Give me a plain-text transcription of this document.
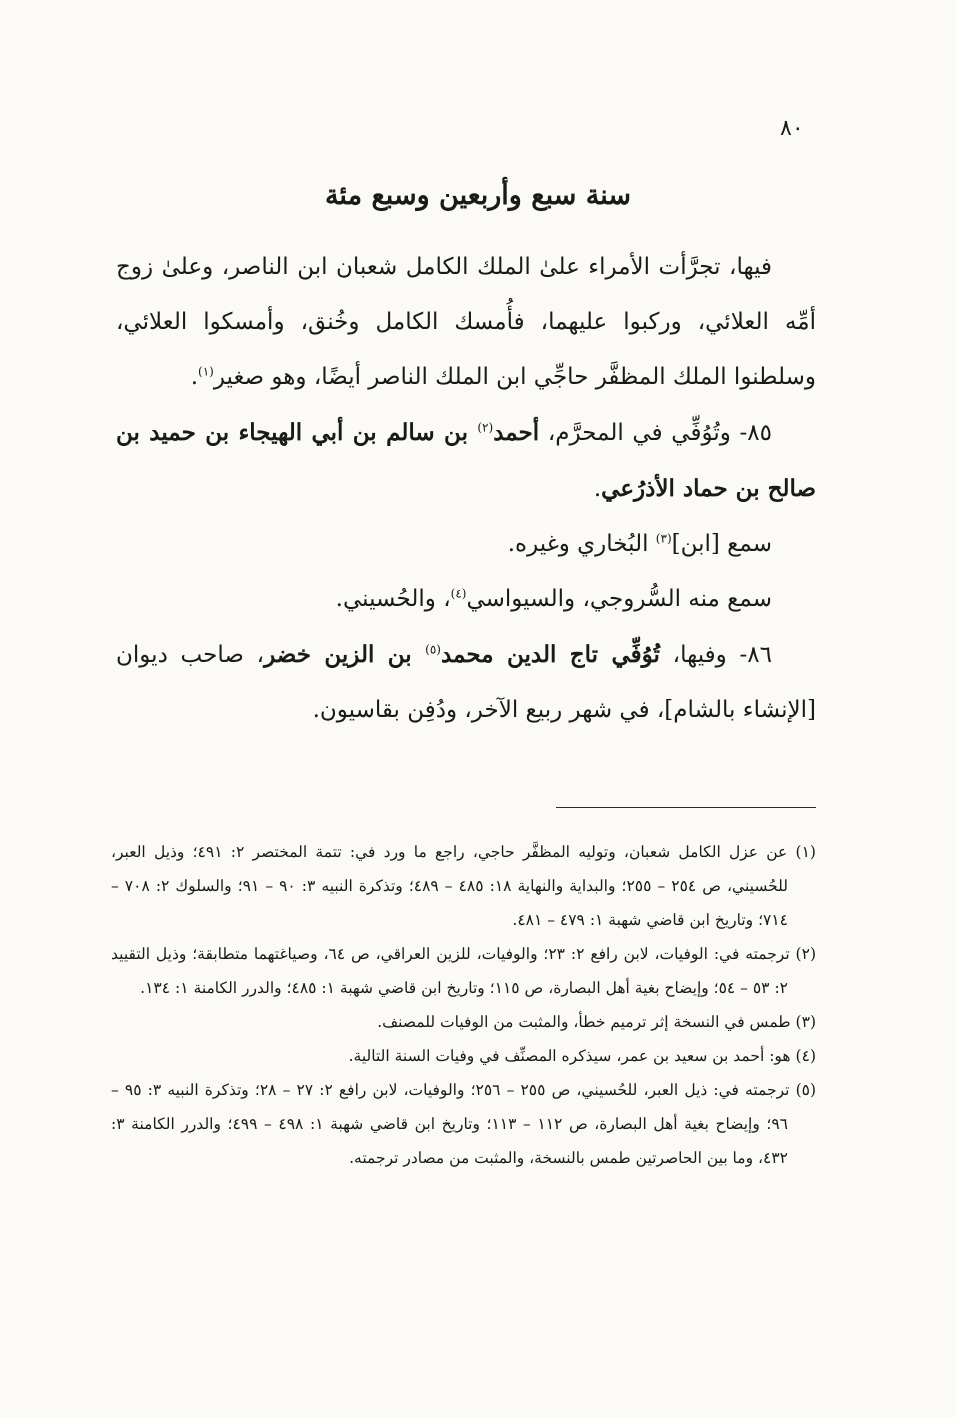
٨٠
سنة سبع وأربعين وسبع مئة

فيها، تجرَّأت الأمراء علىٰ الملك الكامل شعبان ابن الناصر، وعلىٰ زوج أمِّه العلائي، وركبوا عليهما، فأُمسك الكامل وخُنق، وأمسكوا العلائي، وسلطنوا الملك المظفَّر حاجِّي ابن الملك الناصر أيضًا، وهو صغير$^{(١)}$.

٨٥- وتُوُفِّي في المحرَّم، أحمد$^{(٢)}$ بن سالم بن أبي الهيجاء بن حميد بن صالح بن حماد الأذرُعي.

سمع [ابن]$^{(٣)}$ البُخاري وغيره.

سمع منه السُّروجي، والسيواسي$^{(٤)}$، والحُسيني.

٨٦- وفيها، تُوُفِّي تاج الدين محمد$^{(٥)}$ بن الزين خضر، صاحب ديوان [الإنشاء بالشام]، في شهر ربيع الآخر، ودُفِن بقاسيون.

(١) عن عزل الكامل شعبان، وتوليه المظفَّر حاجي، راجع ما ورد في: تتمة المختصر ٢: ٤٩١؛ وذيل العبر، للحُسيني، ص ٢٥٤ – ٢٥٥؛ والبداية والنهاية ١٨: ٤٨٥ – ٤٨٩؛ وتذكرة النبيه ٣: ٩٠ – ٩١؛ والسلوك ٢: ٧٠٨ – ٧١٤؛ وتاريخ ابن قاضي شهبة ١: ٤٧٩ – ٤٨١.

(٢) ترجمته في: الوفيات، لابن رافع ٢: ٢٣؛ والوفيات، للزين العراقي، ص ٦٤، وصياغتهما متطابقة؛ وذيل التقييد ٢: ٥٣ – ٥٤؛ وإيضاح بغية أهل البصارة، ص ١١٥؛ وتاريخ ابن قاضي شهبة ١: ٤٨٥؛ والدرر الكامنة ١: ١٣٤.

(٣) طمس في النسخة إثر ترميم خطأ، والمثبت من الوفيات للمصنف.

(٤) هو: أحمد بن سعيد بن عمر، سيذكره المصنِّف في وفيات السنة التالية.

(٥) ترجمته في: ذيل العبر، للحُسيني، ص ٢٥٥ – ٢٥٦؛ والوفيات، لابن رافع ٢: ٢٧ – ٢٨؛ وتذكرة النبيه ٣: ٩٥ – ٩٦؛ وإيضاح بغية أهل البصارة، ص ١١٢ – ١١٣؛ وتاريخ ابن قاضي شهبة ١: ٤٩٨ – ٤٩٩؛ والدرر الكامنة ٣: ٤٣٢، وما بين الحاصرتين طمس بالنسخة، والمثبت من مصادر ترجمته.
